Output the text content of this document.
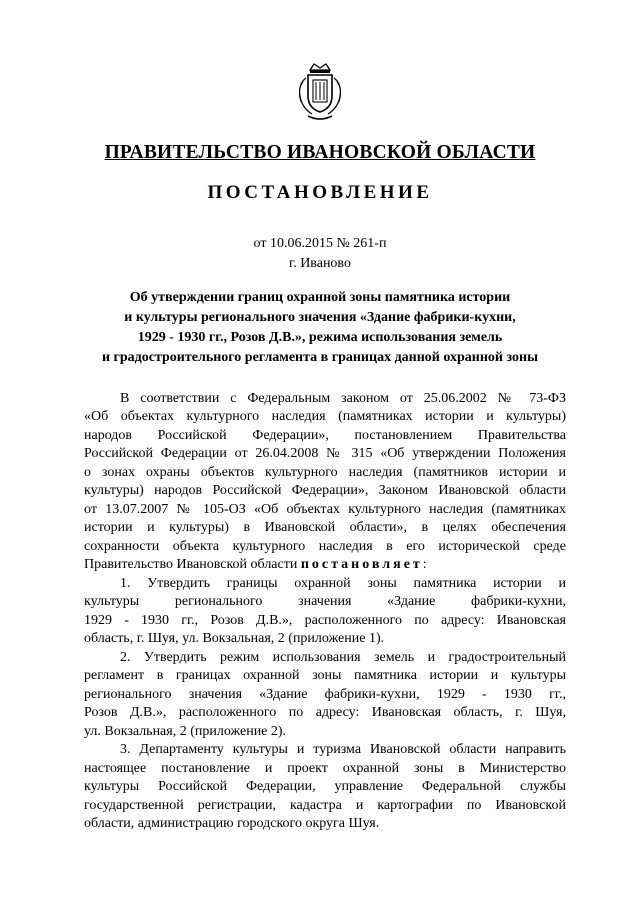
ПРАВИТЕЛЬСТВО ИВАНОВСКОЙ ОБЛАСТИ
ПОСТАНОВЛЕНИЕ
от 10.06.2015 № 261-п
г. Иваново
Об утверждении границ охранной зоны памятника истории
и культуры регионального значения «Здание фабрики-кухни,
1929 - 1930 гг., Розов Д.В.», режима использования земель
и градостроительного регламента в границах данной охранной зоны
В соответствии с Федеральным законом от 25.06.2002 № 73-ФЗ
«Об объектах культурного наследия (памятниках истории и культуры)
народов Российской Федерации», постановлением Правительства
Российской Федерации от 26.04.2008 № 315 «Об утверждении Положения
о зонах охраны объектов культурного наследия (памятников истории и
культуры) народов Российской Федерации», Законом Ивановской области
от 13.07.2007 № 105-ОЗ «Об объектах культурного наследия (памятниках
истории и культуры) в Ивановской области», в целях обеспечения
сохранности объекта культурного наследия в его исторической среде
Правительство Ивановской области постановляет:
1. Утвердить границы охранной зоны памятника истории и
культуры регионального значения «Здание фабрики-кухни,
1929 - 1930 гг., Розов Д.В.», расположенного по адресу: Ивановская
область, г. Шуя, ул. Вокзальная, 2 (приложение 1).
2. Утвердить режим использования земель и градостроительный
регламент в границах охранной зоны памятника истории и культуры
регионального значения «Здание фабрики-кухни, 1929 - 1930 гг.,
Розов Д.В.», расположенного по адресу: Ивановская область, г. Шуя,
ул. Вокзальная, 2 (приложение 2).
3. Департаменту культуры и туризма Ивановской области направить
настоящее постановление и проект охранной зоны в Министерство
культуры Российской Федерации, управление Федеральной службы
государственной регистрации, кадастра и картографии по Ивановской
области, администрацию городского округа Шуя.
